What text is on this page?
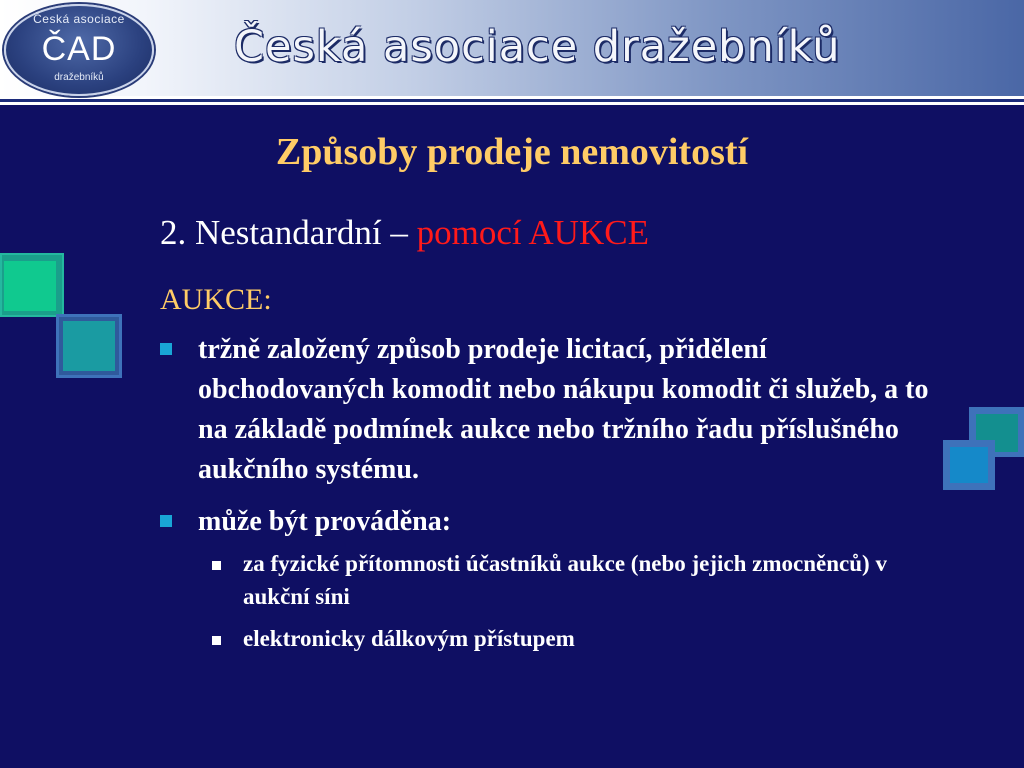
Česká asociace
ČAD
dražebníků
Česká asociace dražebníků
Způsoby prodeje nemovitostí
2. Nestandardní – pomocí AUKCE
AUKCE:
tržně založený způsob prodeje licitací, přidělení obchodovaných komodit nebo nákupu komodit či služeb, a to na základě podmínek aukce nebo tržního řadu příslušného aukčního systému.
může být prováděna:
za fyzické přítomnosti účastníků aukce (nebo jejich zmocněnců) v aukční síni
elektronicky dálkovým přístupem
